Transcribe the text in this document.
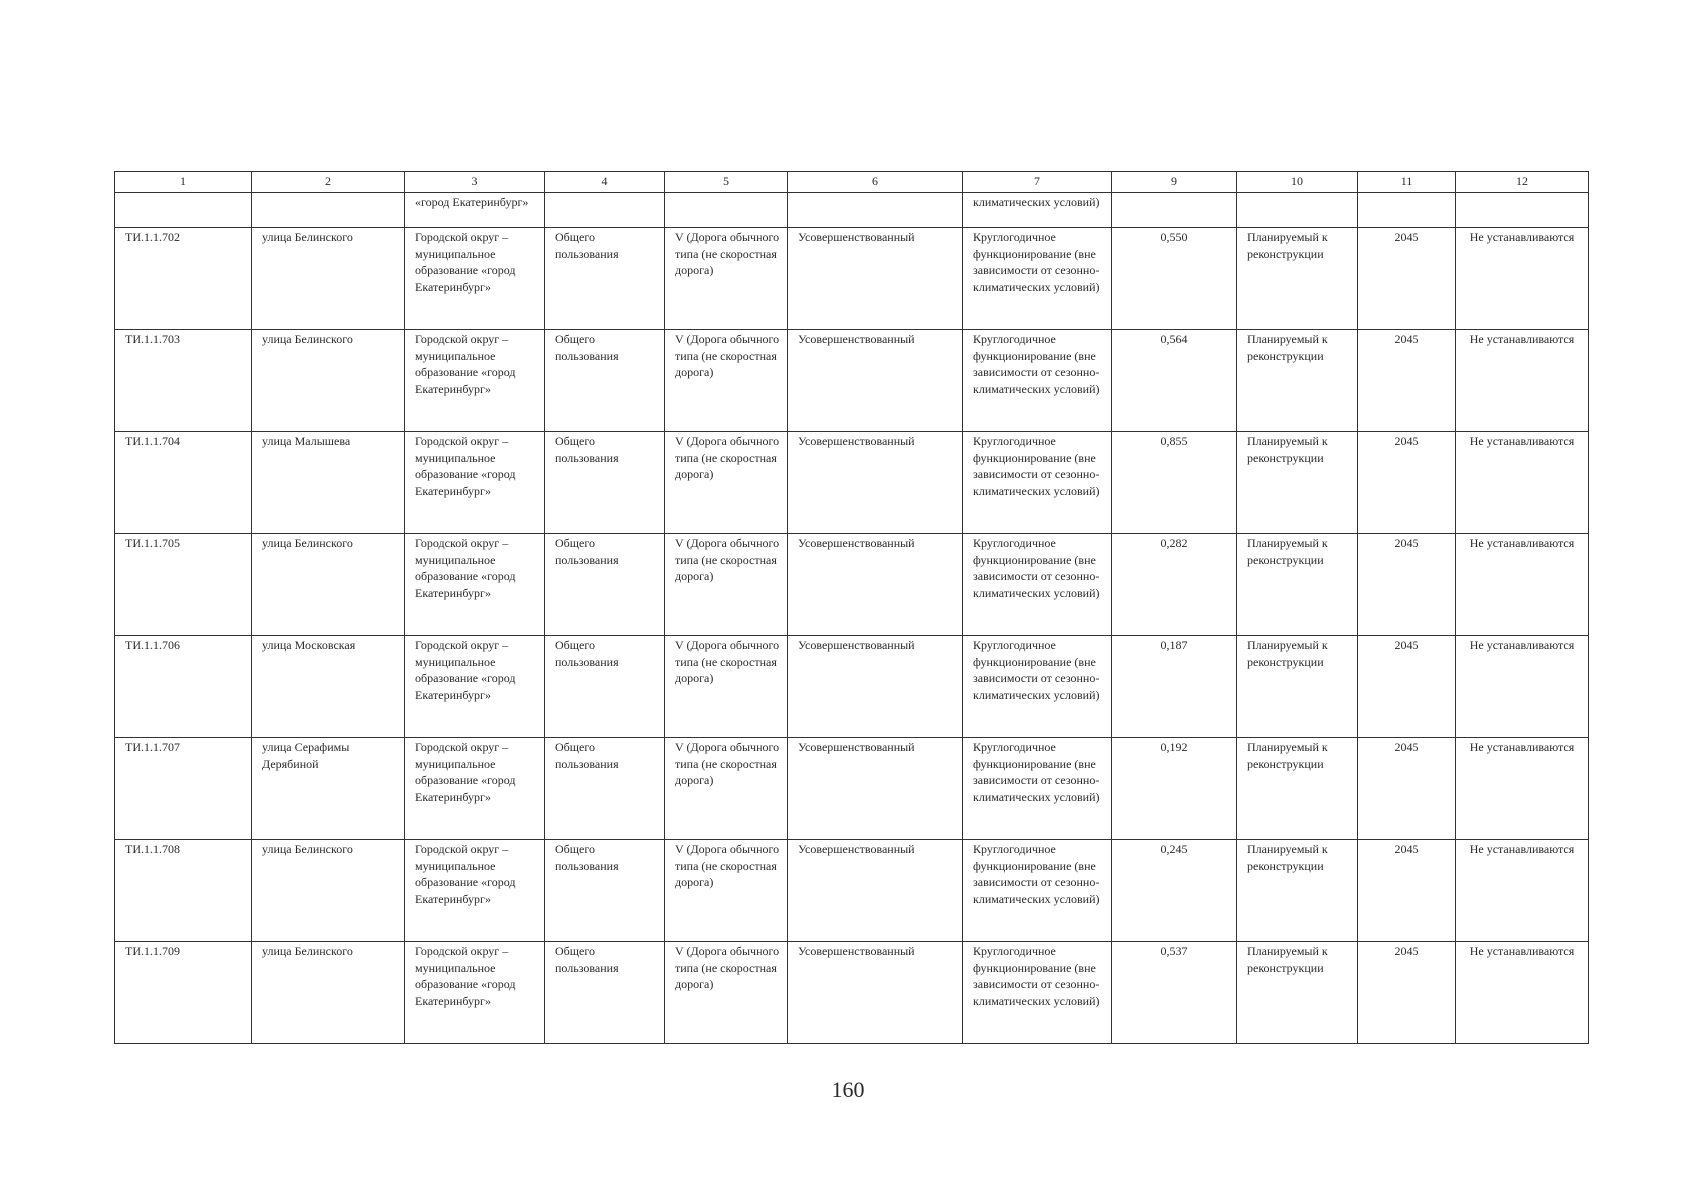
1	2	3	4	5	6	7	9	10	11	12
		«город Екатеринбург»				климатических условий)				
ТИ.1.1.702	улица Белинского	Городской округ – муниципальное образование «город Екатеринбург»	Общего пользования	V (Дорога обычного типа (не скоростная дорога)	Усовершенствованный	Круглогодичное функционирование (вне зависимости от сезонно-климатических условий)	0,550	Планируемый к реконструкции	2045	Не устанавливаются
ТИ.1.1.703	улица Белинского	Городской округ – муниципальное образование «город Екатеринбург»	Общего пользования	V (Дорога обычного типа (не скоростная дорога)	Усовершенствованный	Круглогодичное функционирование (вне зависимости от сезонно-климатических условий)	0,564	Планируемый к реконструкции	2045	Не устанавливаются
ТИ.1.1.704	улица Малышева	Городской округ – муниципальное образование «город Екатеринбург»	Общего пользования	V (Дорога обычного типа (не скоростная дорога)	Усовершенствованный	Круглогодичное функционирование (вне зависимости от сезонно-климатических условий)	0,855	Планируемый к реконструкции	2045	Не устанавливаются
ТИ.1.1.705	улица Белинского	Городской округ – муниципальное образование «город Екатеринбург»	Общего пользования	V (Дорога обычного типа (не скоростная дорога)	Усовершенствованный	Круглогодичное функционирование (вне зависимости от сезонно-климатических условий)	0,282	Планируемый к реконструкции	2045	Не устанавливаются
ТИ.1.1.706	улица Московская	Городской округ – муниципальное образование «город Екатеринбург»	Общего пользования	V (Дорога обычного типа (не скоростная дорога)	Усовершенствованный	Круглогодичное функционирование (вне зависимости от сезонно-климатических условий)	0,187	Планируемый к реконструкции	2045	Не устанавливаются
ТИ.1.1.707	улица Серафимы Дерябиной	Городской округ – муниципальное образование «город Екатеринбург»	Общего пользования	V (Дорога обычного типа (не скоростная дорога)	Усовершенствованный	Круглогодичное функционирование (вне зависимости от сезонно-климатических условий)	0,192	Планируемый к реконструкции	2045	Не устанавливаются
ТИ.1.1.708	улица Белинского	Городской округ – муниципальное образование «город Екатеринбург»	Общего пользования	V (Дорога обычного типа (не скоростная дорога)	Усовершенствованный	Круглогодичное функционирование (вне зависимости от сезонно-климатических условий)	0,245	Планируемый к реконструкции	2045	Не устанавливаются
ТИ.1.1.709	улица Белинского	Городской округ – муниципальное образование «город Екатеринбург»	Общего пользования	V (Дорога обычного типа (не скоростная дорога)	Усовершенствованный	Круглогодичное функционирование (вне зависимости от сезонно-климатических условий)	0,537	Планируемый к реконструкции	2045	Не устанавливаются
160
